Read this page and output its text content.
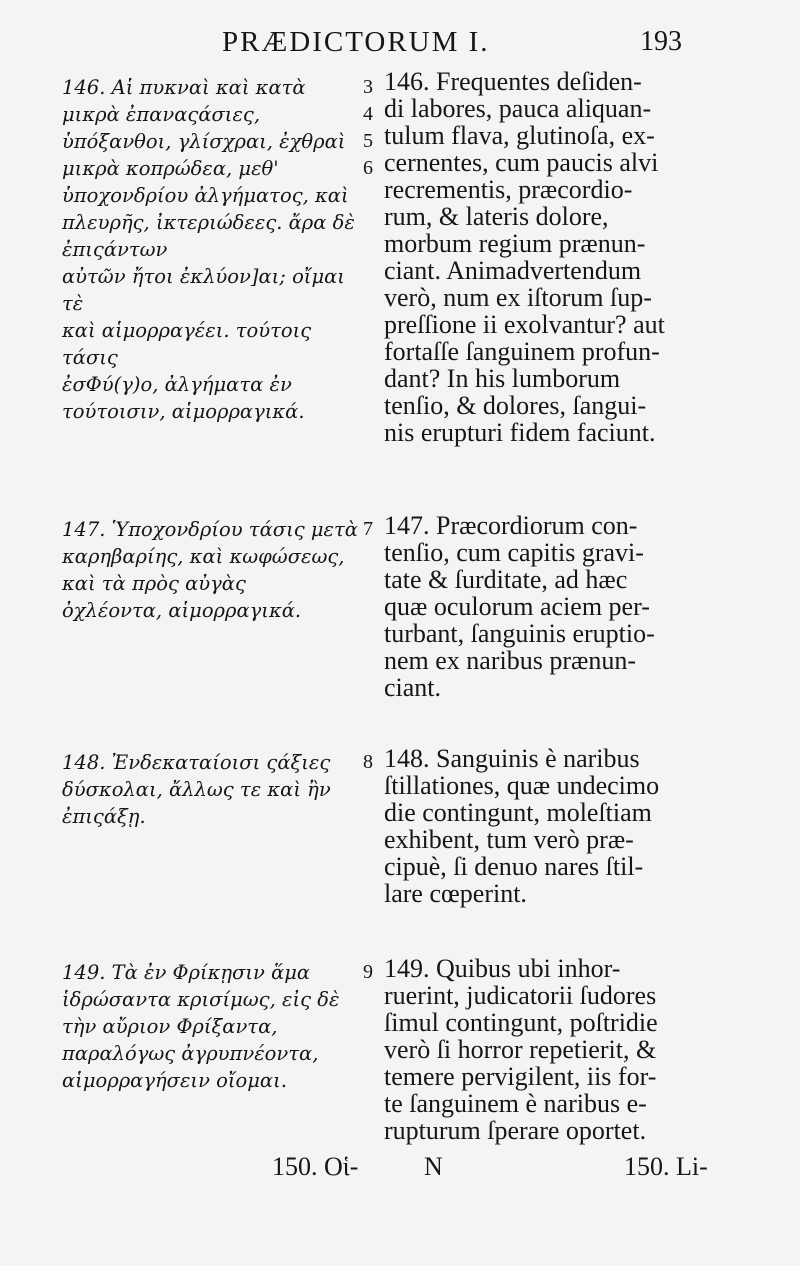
PRÆDICTORUM I.	193
146. Αἱ πυκναὶ καὶ κατὰ
μικρὰ ἐπαναςάσιες, ὑπόξανθοι, γλίσχραι, ἐχθραὶ μικρὰ κοπρώδεα, μεθ' ὑποχονδρίου ἀλγήματος, καὶ πλευρῆς, ἰκτεριώδεες. ἄρα δὲ ἐπιςάντων
αὐτῶν ἤτοι ἐκλύον]αι; οἴμαι τὲ
καὶ αἱμορραγέει. τούτοις τάσις
ἐσΦύ(γ)ο, ἀλγήματα ἐν τούτοισιν, αἱμορραγικά.
3 4 5 6
146. Frequentes deſiden-
di labores, pauca aliquan-
tulum flava, glutinoſa, ex-
cernentes, cum paucis alvi
recrementis, præcordio-
rum, & lateris dolore,
morbum regium prænun-
ciant. Animadvertendum
verò, num ex iſtorum ſup-
preſſione ii exolvantur? aut
fortaſſe ſanguinem profun-
dant? In his lumborum
tenſio, & dolores, ſangui-
nis erupturi fidem faciunt.
147. Ὑποχονδρίου τάσις μετὰ καρηβαρίης, καὶ κωφώσεως, καὶ τὰ πρὸς αὐγὰς
ὀχλέοντα, αἱμορραγικά.
7 147. Præcordiorum con-
tenſio, cum capitis gravi-
tate & ſurditate, ad hæc
quæ oculorum aciem per-
turbant, ſanguinis eruptio-
nem ex naribus prænun-
ciant.
148. Ἐνδεκαταίοισι ςάξιες
δύσκολαι, ἄλλως τε καὶ ἢν ἐπιςάξῃ.
8 148. Sanguinis è naribus
ſtillationes, quæ undecimo
die contingunt, moleſtiam
exhibent, tum verò præ-
cipuè, ſi denuo nares ſtil-
lare cœperint.
149. Τὰ ἐν Φρίκῃσιν ἅμα
ἱδρώσαντα κρισίμως, εἰς δὲ
τὴν αὔριον Φρίξαντα, παραλόγως ἀγρυπνέοντα, αἱμορραγήσειν οἴομαι.
9 149. Quibus ubi inhor-
ruerint, judicatorii ſudores
ſimul contingunt, poſtridie
verò ſi horror repetierit, &
temere pervigilent, iis for-
te ſanguinem è naribus e-
rupturum ſperare oportet.
150. Οἱ-	N	150. Li-
